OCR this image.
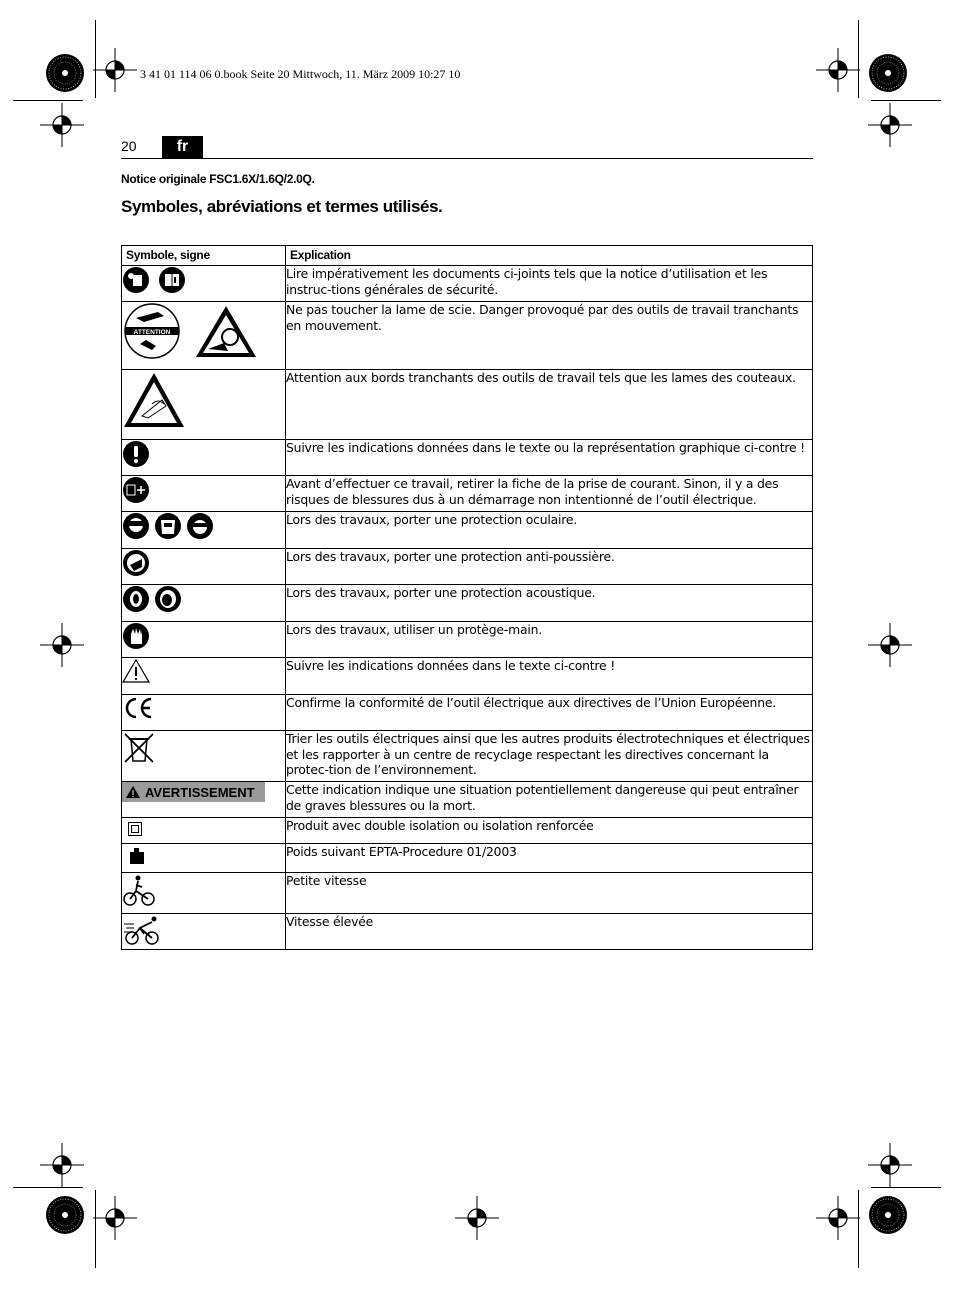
3 41 01 114 06 0.book Seite 20 Mittwoch, 11. März 2009 10:27 10
20	fr
Notice originale FSC1.6X/1.6Q/2.0Q.
Symboles, abréviations et termes utilisés.
Symbole, signe	Explication

	Lire impérativement les documents ci-joints tels que la notice d’utilisation et les instruc-tions générales de sécurité.

ATTENTION	Ne pas toucher la lame de scie. Danger provoqué par des outils de travail tranchants en mouvement.

	Attention aux bords tranchants des outils de travail tels que les lames des couteaux.

	Suivre les indications données dans le texte ou la représentation graphique ci-contre !

	Avant d’effectuer ce travail, retirer la fiche de la prise de courant. Sinon, il y a des risques de blessures dus à un démarrage non intentionné de l’outil électrique.

	Lors des travaux, porter une protection oculaire.

	Lors des travaux, porter une protection anti-poussière.

	Lors des travaux, porter une protection acoustique.

	Lors des travaux, utiliser un protège-main.

	Suivre les indications données dans le texte ci-contre !

	Confirme la conformité de l’outil électrique aux directives de l’Union Européenne.

	Trier les outils électriques ainsi que les autres produits électrotechniques et électriques et les rapporter à un centre de recyclage respectant les directives concernant la protec-tion de l’environnement.

AVERTISSEMENT	Cette indication indique une situation potentiellement dangereuse qui peut entraîner de graves blessures ou la mort.
	Produit avec double isolation ou isolation renforcée
	Poids suivant EPTA-Procedure 01/2003

	Petite vitesse

	Vitesse élevée
